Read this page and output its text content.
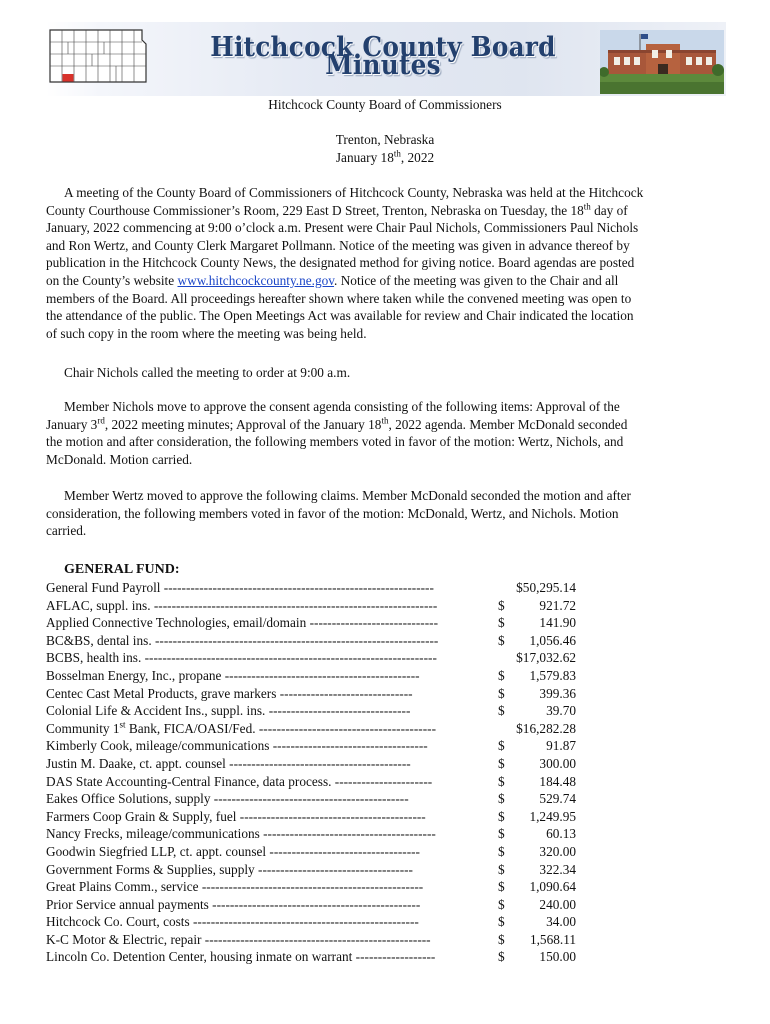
Hitchcock County Board Minutes
Hitchcock County Board of Commissioners
Trenton, Nebraska
January 18th, 2022
A meeting of the County Board of Commissioners of Hitchcock County, Nebraska was held at the Hitchcock
County Courthouse Commissioner’s Room, 229 East D Street, Trenton, Nebraska on Tuesday, the 18th day of
January, 2022 commencing at 9:00 o’clock a.m. Present were Chair Paul Nichols, Commissioners Paul Nichols
and Ron Wertz, and County Clerk Margaret Pollmann. Notice of the meeting was given in advance thereof by
publication in the Hitchcock County News, the designated method for giving notice. Board agendas are posted
on the County’s website www.hitchcockcounty.ne.gov. Notice of the meeting was given to the Chair and all
members of the Board. All proceedings hereafter shown where taken while the convened meeting was open to
the attendance of the public. The Open Meetings Act was available for review and Chair indicated the location
of such copy in the room where the meeting was being held.
Chair Nichols called the meeting to order at 9:00 a.m.
Member Nichols move to approve the consent agenda consisting of the following items: Approval of the
January 3rd, 2022 meeting minutes; Approval of the January 18th, 2022 agenda. Member McDonald seconded
the motion and after consideration, the following members voted in favor of the motion: Wertz, Nichols, and
McDonald. Motion carried.
Member Wertz moved to approve the following claims. Member McDonald seconded the motion and after
consideration, the following members voted in favor of the motion: McDonald, Wertz, and Nichols. Motion
carried.
GENERAL FUND:
General Fund Payroll -------------------------------------------------------------	$50,295.14
AFLAC, suppl. ins. ----------------------------------------------------------------	$	921.72
Applied Connective Technologies, email/domain -----------------------------	$	141.90
BC&BS, dental ins. ----------------------------------------------------------------	$ 1,056.46
BCBS, health ins. ------------------------------------------------------------------	$17,032.62
Bosselman Energy, Inc., propane --------------------------------------------	$ 1,579.83
Centec Cast Metal Products, grave markers ------------------------------	$	399.36
Colonial Life & Accident Ins., suppl. ins. --------------------------------	$	39.70
Community 1st Bank, FICA/OASI/Fed. ----------------------------------------	$16,282.28
Kimberly Cook, mileage/communications -----------------------------------	$	91.87
Justin M. Daake, ct. appt. counsel -----------------------------------------	$	300.00
DAS State Accounting-Central Finance, data process. ----------------------	$	184.48
Eakes Office Solutions, supply --------------------------------------------	$	529.74
Farmers Coop Grain & Supply, fuel ------------------------------------------	$ 1,249.95
Nancy Frecks, mileage/communications ---------------------------------------	$	60.13
Goodwin Siegfried LLP, ct. appt. counsel ----------------------------------	$	320.00
Government Forms & Supplies, supply -----------------------------------	$	322.34
Great Plains Comm., service --------------------------------------------------	$ 1,090.64
Prior Service annual payments -----------------------------------------------	$	240.00
Hitchcock Co. Court, costs ---------------------------------------------------	$	34.00
K-C Motor & Electric, repair ---------------------------------------------------	$ 1,568.11
Lincoln Co. Detention Center, housing inmate on warrant ------------------	$	150.00
